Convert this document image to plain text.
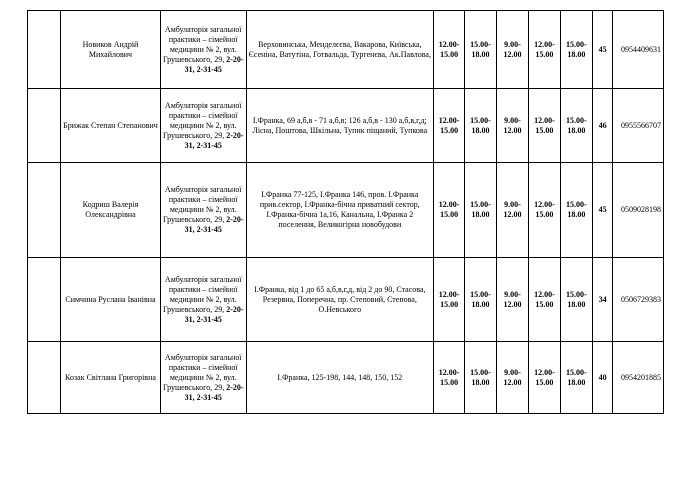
	Новиков Андрій Михайлович	Амбулаторія загальної практики – сімейної медицини № 2, вул. Грушевського, 29, 2-20-31, 2-31-45	Верховинська, Менделєєва, Вакарова, Київська, Єсеніна, Ватутіна, Готвальда, Тургенєва, Ак.Павлова,	12.00-15.00	15.00-18.00	9.00-12.00	12.00-15.00	15.00-18.00	45	0954409631
	Брижак Степан Степанович	Амбулаторія загальної практики – сімейної медицини № 2, вул. Грушевського, 29, 2-20-31, 2-31-45	І.Франка, 69 а,б,в - 71 а,б,в; 126 а,б,в - 130 а,б,в,г,д; Лісна, Поштова, Шкільна, Тупик піщаний, Тупкова	12.00-15.00	15.00-18.00	9.00-12.00	12.00-15.00	15.00-18.00	46	0955566707
	Кодриш Валерія Олександрівна	Амбулаторія загальної практики – сімейної медицини № 2, вул. Грушевського, 29, 2-20-31, 2-31-45	І.Франка 77-125, І.Франка 146, пров. І.Франка прив.сектор, І.Франка-бічна приватний сектор, І.Франка-бічна 1а,16, Канальна, І.Франка 2 поселення, Великогірна новобудови	12.00-15.00	15.00-18.00	9.00-12.00	12.00-15.00	15.00-18.00	45	0509028198
	Симчина Руслана Іванівна	Амбулаторія загальної практики – сімейної медицини № 2, вул. Грушевського, 29, 2-20-31, 2-31-45	І.Франка, від 1 до 65 а,б,в,г,д, від 2 до 90, Стасова, Резервна, Поперечна, пр. Степовий, Степова, О.Невського	12.00-15.00	15.00-18.00	9.00-12.00	12.00-15.00	15.00-18.00	34	0506729383
	Козак Світлана Григорівна	Амбулаторія загальної практики – сімейної медицини № 2, вул. Грушевського, 29, 2-20-31, 2-31-45	І.Франка, 125-198, 144, 148, 150, 152	12.00-15.00	15.00-18.00	9.00-12.00	12.00-15.00	15.00-18.00	40	0954201885
